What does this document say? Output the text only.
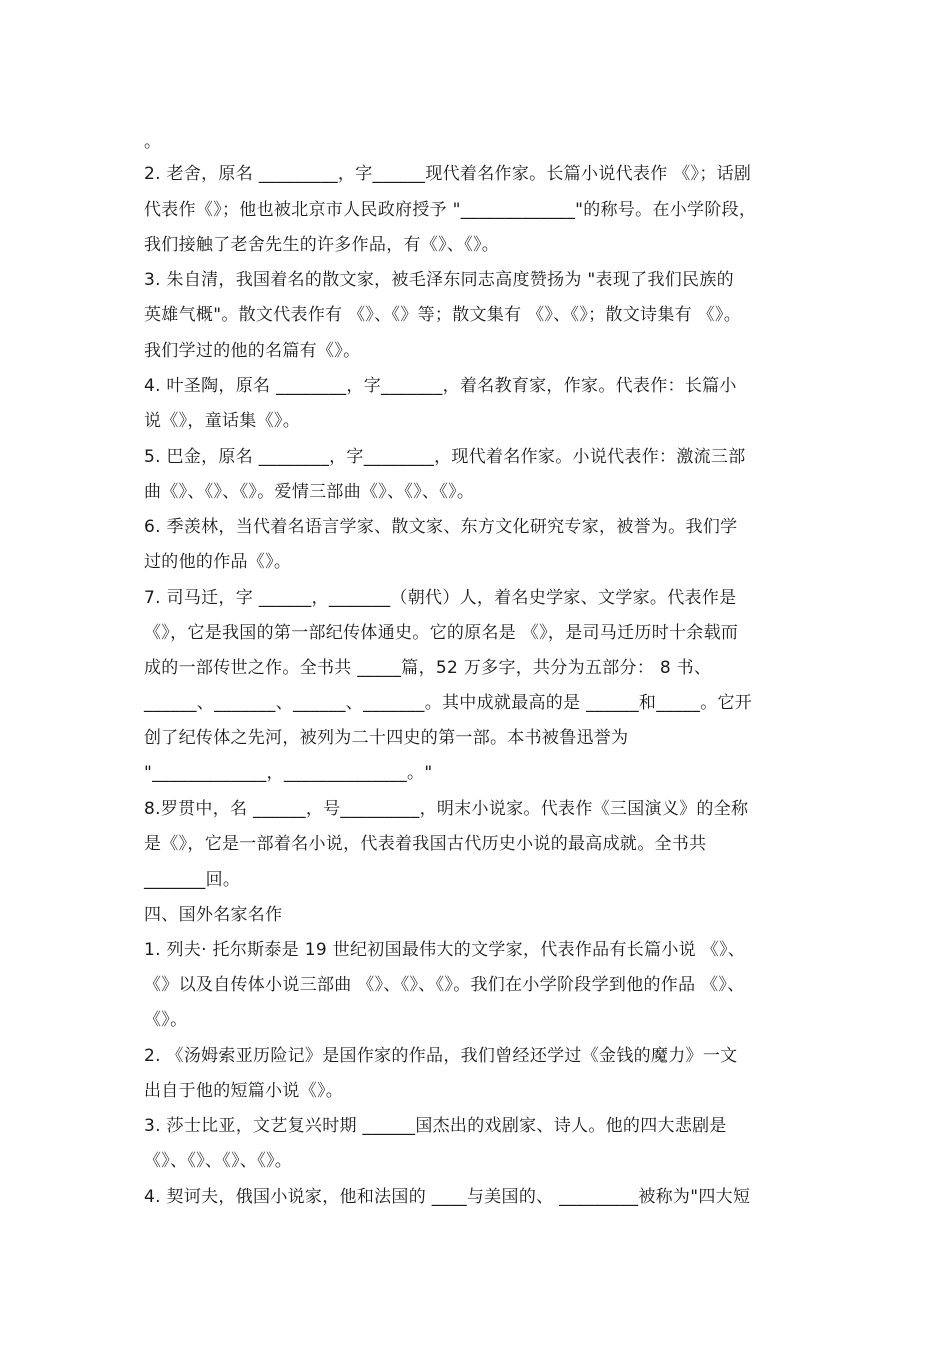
。
2. 老舍，原名 _________，字______现代着名作家。长篇小说代表作 《》；话剧
代表作《》；他也被北京市人民政府授予 "_____________"的称号。在小学阶段，
我们接触了老舍先生的许多作品，有《》、《》。
3. 朱自清，我国着名的散文家，被毛泽东同志高度赞扬为 "表现了我们民族的
英雄气概"。散文代表作有 《》、《》等；散文集有 《》、《》；散文诗集有 《》。
我们学过的他的名篇有《》。
4. 叶圣陶，原名 ________，字_______，着名教育家，作家。代表作：长篇小
说《》，童话集《》。
5. 巴金，原名 ________，字________，现代着名作家。小说代表作：激流三部
曲《》、《》、《》。爱情三部曲《》、《》、《》。
6. 季羡林，当代着名语言学家、散文家、东方文化研究专家，被誉为。我们学
过的他的作品《》。
7. 司马迁，字 ______，_______（朝代）人，着名史学家、文学家。代表作是
《》，它是我国的第一部纪传体通史。它的原名是 《》，是司马迁历时十余载而
成的一部传世之作。全书共 _____篇，52 万多字，共分为五部分： 8 书、
______、_______、______、_______。其中成就最高的是 ______和_____。它开
创了纪传体之先河，被列为二十四史的第一部。本书被鲁迅誉为
"_____________，______________。"
8.罗贯中，名 ______，号_________，明末小说家。代表作《三国演义》的全称
是《》，它是一部着名小说，代表着我国古代历史小说的最高成就。全书共
_______回。
四、国外名家名作
1. 列夫· 托尔斯泰是 19 世纪初国最伟大的文学家，代表作品有长篇小说 《》、
《》以及自传体小说三部曲 《》、《》、《》。我们在小学阶段学到他的作品 《》、
《》。
2. 《汤姆索亚历险记》是国作家的作品，我们曾经还学过《金钱的魔力》一文
出自于他的短篇小说《》。
3. 莎士比亚，文艺复兴时期 ______国杰出的戏剧家、诗人。他的四大悲剧是
《》、《》、《》、《》。
4. 契诃夫，俄国小说家，他和法国的 ____与美国的、 _________被称为"四大短
